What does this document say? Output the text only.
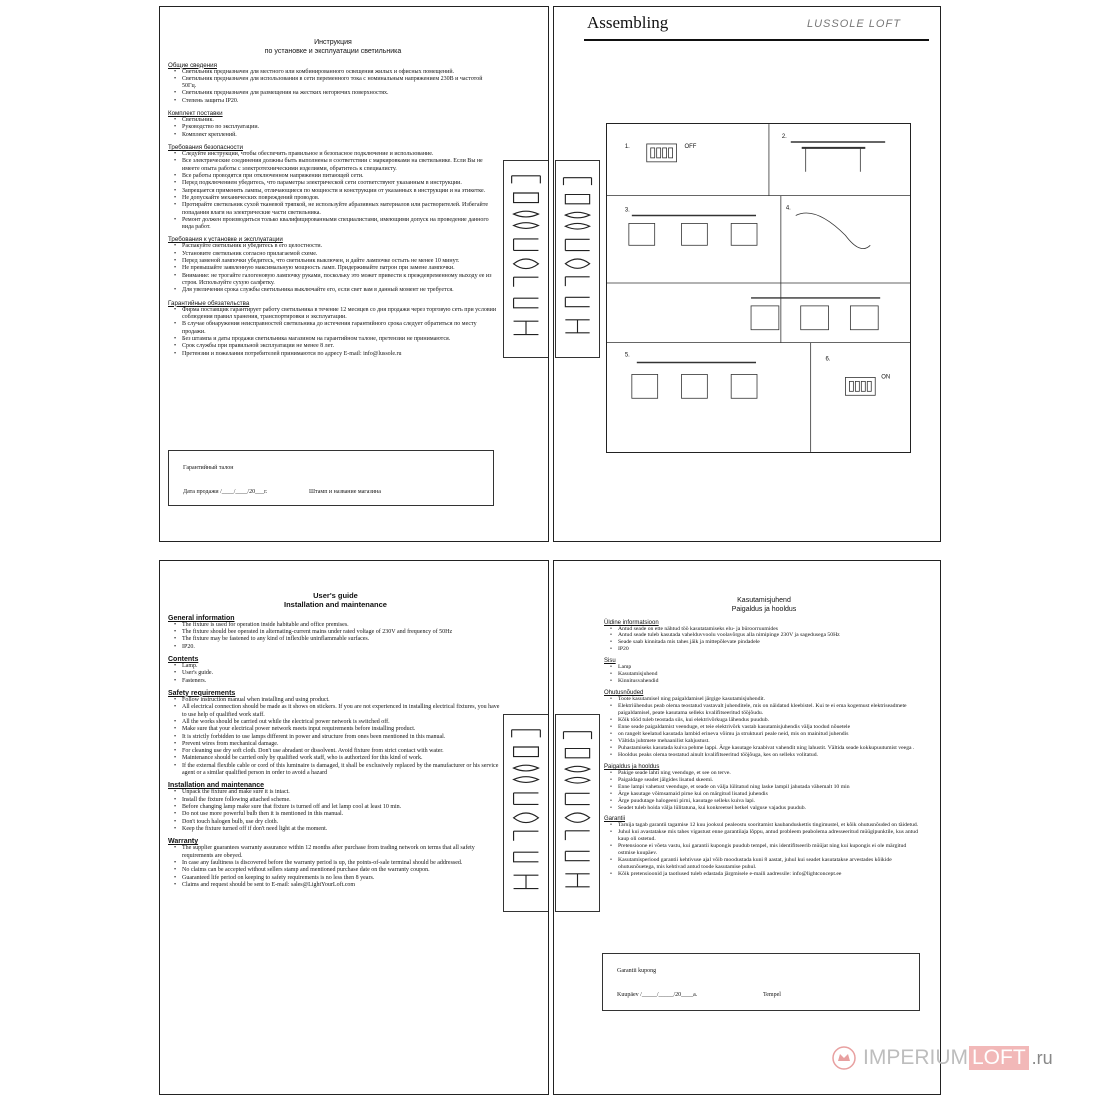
Инструкция
по установке и эксплуатации светильника
Общие сведения
• Светильник предназначен для местного или комбинированного освещения жилых и офисных помещений.
• Светильник предназначен для использования в сети переменного тока с номинальным напряжением 230В и частотой 50Гц.
• Светильник предназначен для размещения на жестких негорючих поверхностях.
• Степень защиты IP20.
Комплект поставки
• Светильник.
• Руководство по эксплуатации.
• Комплект креплений.
Требования безопасности
• Следуйте инструкции, чтобы обеспечить правильное и безопасное подключение и использование.
• Все электрические соединения должны быть выполнены в соответствии с маркировками на светильнике. Если Вы не имеете опыта работы с электротехническими изделиями, обратитесь к специалисту.
• Все работы проводятся при отключенном напряжении питающей сети.
• Перед подключением убедитесь, что параметры электрической сети соответствуют указанным в инструкции.
• Запрещается применять лампы, отличающиеся по мощности и конструкции от указанных в инструкции и на этикетке.
• Не допускайте механических повреждений проводов.
• Протирайте светильник сухой тканевой тряпкой, не используйте абразивных материалов или растворителей. Избегайте попадания влаги на электрические части светильника.
• Ремонт должен производиться только квалифицированными специалистами, имеющими допуск на проведение данного вида работ.
Требования к установке и эксплуатации
• Распакуйте светильник и убедитесь в его целостности.
• Установите светильник согласно прилагаемой схеме.
• Перед заменой лампочки убедитесь, что светильник выключен, и дайте лампочке остыть не менее 10 минут.
• Не превышайте заявленную максимальную мощность ламп. Придерживайте патрон при замене лампочки.
• Внимание: не трогайте галогеновую лампочку руками, поскольку это может привести к преждевременному выходу ее из строя. Используйте сухую салфетку.
• Для увеличения срока службы светильника выключайте его, если свет вам в данный момент не требуется.
Гарантийные обязательства
• Фирма поставщик гарантирует работу светильника в течение 12 месяцев со дня продажи через торговую сеть при условии соблюдения правил хранения, транспортировки и эксплуатации.
• В случае обнаружения неисправностей светильника до истечения гарантийного срока следует обратиться по месту продажи.
• Без штампа и даты продажи светильника магазином на гарантийном талоне, претензии не принимаются.
• Срок службы при правильной эксплуатации не менее 8 лет.
• Претензии и пожелания потребителей принимаются по адресу E-mail: info@lussole.ru
Гарантийный талон
Дата продажи /____/____/20___г.	Штамп и название магазина
Assembling	LUSSOLE LOFT
1.
2.
3.	4.
5.
6.
OFF
ON
User's guide
Installation and maintenance
General information
• The fixture is used for operation inside habitable and office premises.
• The fixture should bee operated in alternating-current mains under rated voltage of 230V and frequency of 50Hz
• The fixture may be fastened to any kind of inflexible uninflammable surfaces.
• IP20.
Contents
• Lamp.
• User's guide.
• Fasteners.
Safety requirements
• Follow instruction manual when installing and using product.
• All electrical connection should be made as it shows on stickers. If you are not experienced in installing electrical fixtures, you have to use help of qualified work staff.
• All the works should be carried out while the electrical power network is switched off.
• Make sure that your electrical power network meets input requirements before installing product.
• It is strictly forbidden to use lamps different in power and structure from ones been mentioned in this manual.
• Prevent wires from mechanical damage.
• For cleaning use dry soft cloth. Don't use abradant or dissolvent. Avoid fixture from strict contact with water.
• Maintenance should be carried only by qualified work staff, who is authorized for this kind of work.
• If the external flexible cable or cord of this luminaire is damaged, it shall be exclusively replaced by the manufacturer or his service agent or a similar qualified person in order to avoid a hazard
Installation and maintenance
• Unpack the fixture and make sure it is intact.
• Install the fixture following attached scheme.
• Before changing lamp make sure that fixture is turned off and let lamp cool at least 10 min.
• Do not use more powerful bulb then it is mentioned in this manual.
• Don't touch halogen bulb, use dry cloth.
• Keep the fixture turned off if don't need light at the moment.
Warranty
• The supplier guarantees warranty assurance within 12 months after purchase from trading network on terms that all safety requirements are obeyed.
• In case any faultiness is discovered before the warranty period is up, the points-of-sale terminal should be addressed.
• No claims can be accepted without sellers stamp and mentioned purchase date on the warranty coupon.
• Guaranteed life period on keeping to safety requirements is no less then 8 years.
• Claims and request should be sent to E-mail: sales@LightYourLoft.com
Kasutamisjuhend
Paigaldus ja hooldus
Üldine informatsioon
• Antud seade on ette nähtud töö kasutatamiseks elu- ja büroorruumides
• Antud seade tuleb kasutada vahelduvvoolu voolavõrgus alla nimipinge 230V ja sagedusega 50Hz
• Seade saab kinnitada mis tahes jäik ja mittepõlevate pindadele
• IP20
Sisu
• Lamp
• Kasutamisjuhend
• Kinnitusvahendid
Ohutusnõuded
• Toote kasutamisel ning paigaldamisel järgige kasutamisjuhendit.
• Elektriühendus peab olema teostatud vastavalt juhenditele, mis on näidatud kleebistel. Kui te ei ema kogemust elektriseadmete paigaldamisel, peate kasutama selleks kvalifitseeritud tööjõudu.
• Kõik tööd tuleb teostada siis, kui elektrivõrkuga lähendus puudub.
• Enne seade paigaldamist veenduge, et teie elektrivõrk vastab kasutamisjuhendis välja toodud nõuetele
• on rangelt keelatud kasutada lambid erineva võimu ja struktuuri peale neid, mis on mainitud juhendis
• Vältida juhtmete mehaanilist kahjustust.
• Puhastamiseks kasutada kuiva pehme lappi. Ärge kasutage kraabivat vahendit ning lahustit. Vältida seade kokkupuutumist veega .
• Hooldus peaks olema teostatud ainult kvalifitseeritud tööjõuga, kes on selleks volitatud.
Paigaldus ja hooldus
• Pakige seade lahti ning veenduge, et see on terve.
• Paigaldage seadet jälgides lisatud skeemi.
• Enne lampi vahetust veenduge, et seade on välja lülitatud ning laske lampil jahutada vähemalt 10 min
• Ärge kasutage võimsamaid pirne kui on märgitud lisatud juhendis
• Ärge puudutage halogeeni pirni, kasutage selleks kuiva lapi.
• Seadet tuleb hoida välja lülitatuna, kui konkreetsel hetkel valguse vajadus puudub.
Garantii
• Tarnija tagab garantii tagamise 12 kuu jooksul pealeostu sooritamist kaubanduskettis tingimustel, et kõik ohutusnõuded on täidetud.
• Juhul kui avastatakse mis tahes vigastust enne garantiiaja lõppu, antud probleem peabolema adresseeritud müügipunktile, kus antud kaup oli ostetud.
• Pretensioone ei võeta vastu, kui garantii kupongis puudub tempel, mis identifitseerib müüjat ning kui kupongis ei ole märgitud ostmise kuupäev.
• Kasutamisperiood garantii kehtivuse ajal võib moodustada kuni 8 aastat, juhul kui seadet kasutatakse arvestades kõikide ohutusnõuetega, mis kehtivad antud toode kasutamise puhul.
• Kõik pretensioonid ja taotlused tuleb edastada järgmisele e-maili aadressile: info@lightconcept.ee
Garantii kupong
Kuupäev /_____/_____/20____a.	Tempel
IMPERIUM LOFT .ru
